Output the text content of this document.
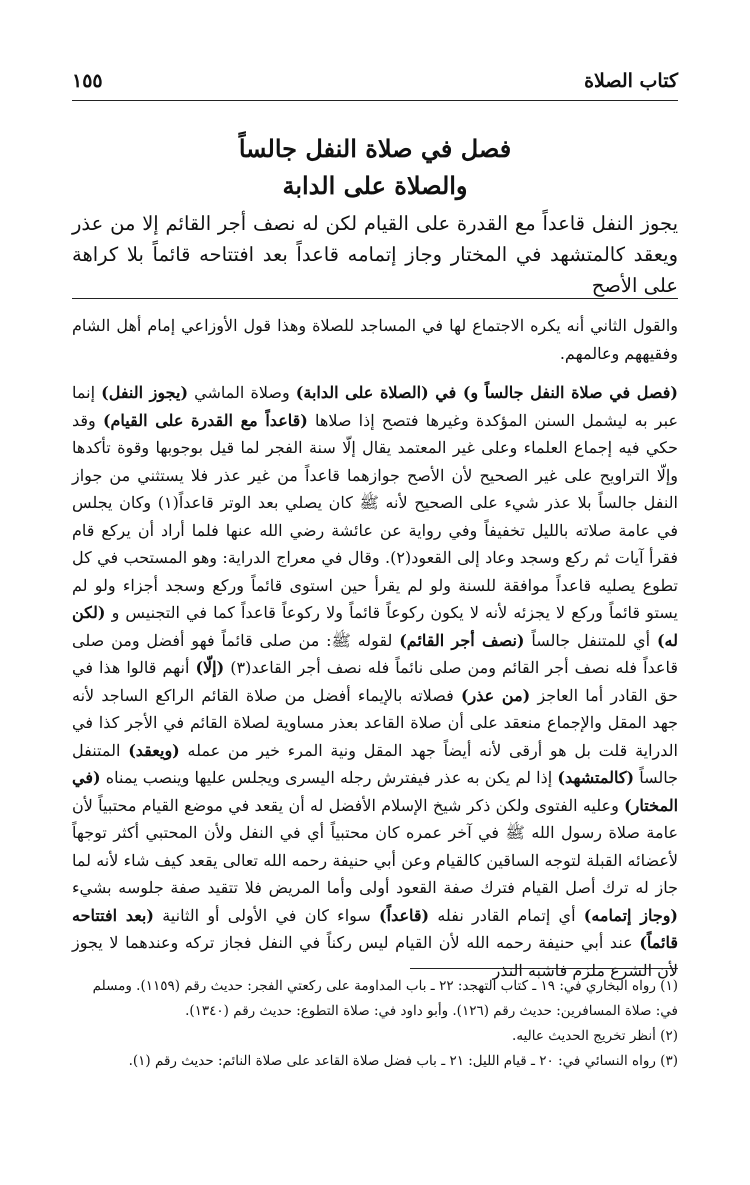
كتاب الصلاة
١٥٥
فصل في صلاة النفل جالساً
والصلاة على الدابة
يجوز النفل قاعداً مع القدرة على القيام لكن له نصف أجر القائم إلا من عذر ويعقد كالمتشهد في المختار وجاز إتمامه قاعداً بعد افتتاحه قائماً بلا كراهة على الأصح

والقول الثاني أنه يكره الاجتماع لها في المساجد للصلاة وهذا قول الأوزاعي إمام أهل الشام وفقيههم وعالمهم.

(فصل في صلاة النفل جالساً و) في (الصلاة على الدابة) وصلاة الماشي (يجوز النفل) إنما عبر به ليشمل السنن المؤكدة وغيرها فتصح إذا صلاها (قاعداً مع القدرة على القيام) وقد حكي فيه إجماع العلماء وعلى غير المعتمد يقال إلّا سنة الفجر لما قيل بوجوبها وقوة تأكدها وإلّا التراويح على غير الصحيح لأن الأصح جوازهما قاعداً من غير عذر فلا يستثني من جواز النفل جالساً بلا عذر شيء على الصحيح لأنه ﷺ كان يصلي بعد الوتر قاعداً(١) وكان يجلس في عامة صلاته بالليل تخفيفاً وفي رواية عن عائشة رضي الله عنها فلما أراد أن يركع قام فقرأ آيات ثم ركع وسجد وعاد إلى القعود(٢). وقال في معراج الدراية: وهو المستحب في كل تطوع يصليه قاعداً موافقة للسنة ولو لم يقرأ حين استوى قائماً وركع وسجد أجزاء ولو لم يستو قائماً وركع لا يجزئه لأنه لا يكون ركوعاً قائماً ولا ركوعاً قاعداً كما في التجنيس و (لكن له) أي للمتنفل جالساً (نصف أجر القائم) لقوله ﷺ: من صلى قائماً فهو أفضل ومن صلى قاعداً فله نصف أجر القائم ومن صلى نائماً فله نصف أجر القاعد(٣) (إلّا) أنهم قالوا هذا في حق القادر أما العاجز (من عذر) فصلاته بالإيماء أفضل من صلاة القائم الراكع الساجد لأنه جهد المقل والإجماع منعقد على أن صلاة القاعد بعذر مساوية لصلاة القائم في الأجر كذا في الدراية قلت بل هو أرقى لأنه أيضاً جهد المقل ونية المرء خير من عمله (ويعقد) المتنفل جالساً (كالمتشهد) إذا لم يكن به عذر فيفترش رجله اليسرى ويجلس عليها وينصب يمناه (في المختار) وعليه الفتوى ولكن ذكر شيخ الإسلام الأفضل له أن يقعد في موضع القيام محتبياً لأن عامة صلاة رسول الله ﷺ في آخر عمره كان محتبياً أي في النفل ولأن المحتبي أكثر توجهاً لأعضائه القبلة لتوجه الساقين كالقيام وعن أبي حنيفة رحمه الله تعالى يقعد كيف شاء لأنه لما جاز له ترك أصل القيام فترك صفة القعود أولى وأما المريض فلا تتقيد صفة جلوسه بشيء (وجاز إتمامه) أي إتمام القادر نفله (قاعداً) سواء كان في الأولى أو الثانية (بعد افتتاحه قائماً) عند أبي حنيفة رحمه الله لأن القيام ليس ركناً في النفل فجاز تركه وعندهما لا يجوز لأن الشرع ملزم فاشبه النذر

(١) رواه البخاري في: ١٩ ـ كتاب التهجد: ٢٢ ـ باب المداومة على ركعتي الفجر: حديث رقم (١١٥٩). ومسلم في: صلاة المسافرين: حديث رقم (١٢٦). وأبو داود في: صلاة التطوع: حديث رقم (١٣٤٠).

(٢) أنظر تخريج الحديث عاليه.

(٣) رواه النسائي في: ٢٠ ـ قيام الليل: ٢١ ـ باب فضل صلاة القاعد على صلاة النائم: حديث رقم (١).
